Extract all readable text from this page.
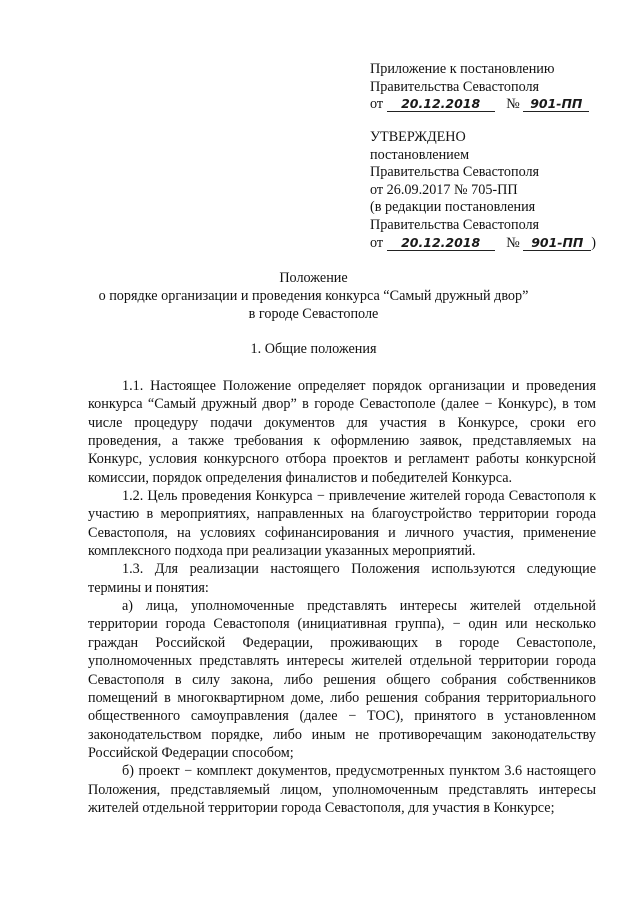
Приложение к постановлению
Правительства Севастополя
от 20.12.2018 № 901-ПП
УТВЕРЖДЕНО
постановлением
Правительства Севастополя
от 26.09.2017 № 705-ПП
(в редакции постановления
Правительства Севастополя
от 20.12.2018 № 901-ПП )
Положение
о порядке организации и проведения конкурса “Самый дружный двор”
в городе Севастополе
1. Общие положения

1.1. Настоящее Положение определяет порядок организации и проведения конкурса “Самый дружный двор” в городе Севастополе (далее − Конкурс), в том числе процедуру подачи документов для участия в Конкурсе, сроки его проведения, а также требования к оформлению заявок, представляемых на Конкурс, условия конкурсного отбора проектов и регламент работы конкурсной комиссии, порядок определения финалистов и победителей Конкурса.

1.2. Цель проведения Конкурса − привлечение жителей города Севастополя к участию в мероприятиях, направленных на благоустройство территории города Севастополя, на условиях софинансирования и личного участия, применение комплексного подхода при реализации указанных мероприятий.

1.3. Для реализации настоящего Положения используются следующие термины и понятия:

а) лица, уполномоченные представлять интересы жителей отдельной территории города Севастополя (инициативная группа), − один или несколько граждан Российской Федерации, проживающих в городе Севастополе, уполномоченных представлять интересы жителей отдельной территории города Севастополя в силу закона, либо решения общего собрания собственников помещений в многоквартирном доме, либо решения собрания территориального общественного самоуправления (далее − ТОС), принятого в установленном законодательством порядке, либо иным не противоречащим законодательству Российской Федерации способом;

б) проект − комплект документов, предусмотренных пунктом 3.6 настоящего Положения, представляемый лицом, уполномоченным представлять интересы жителей отдельной территории города Севастополя, для участия в Конкурсе;
